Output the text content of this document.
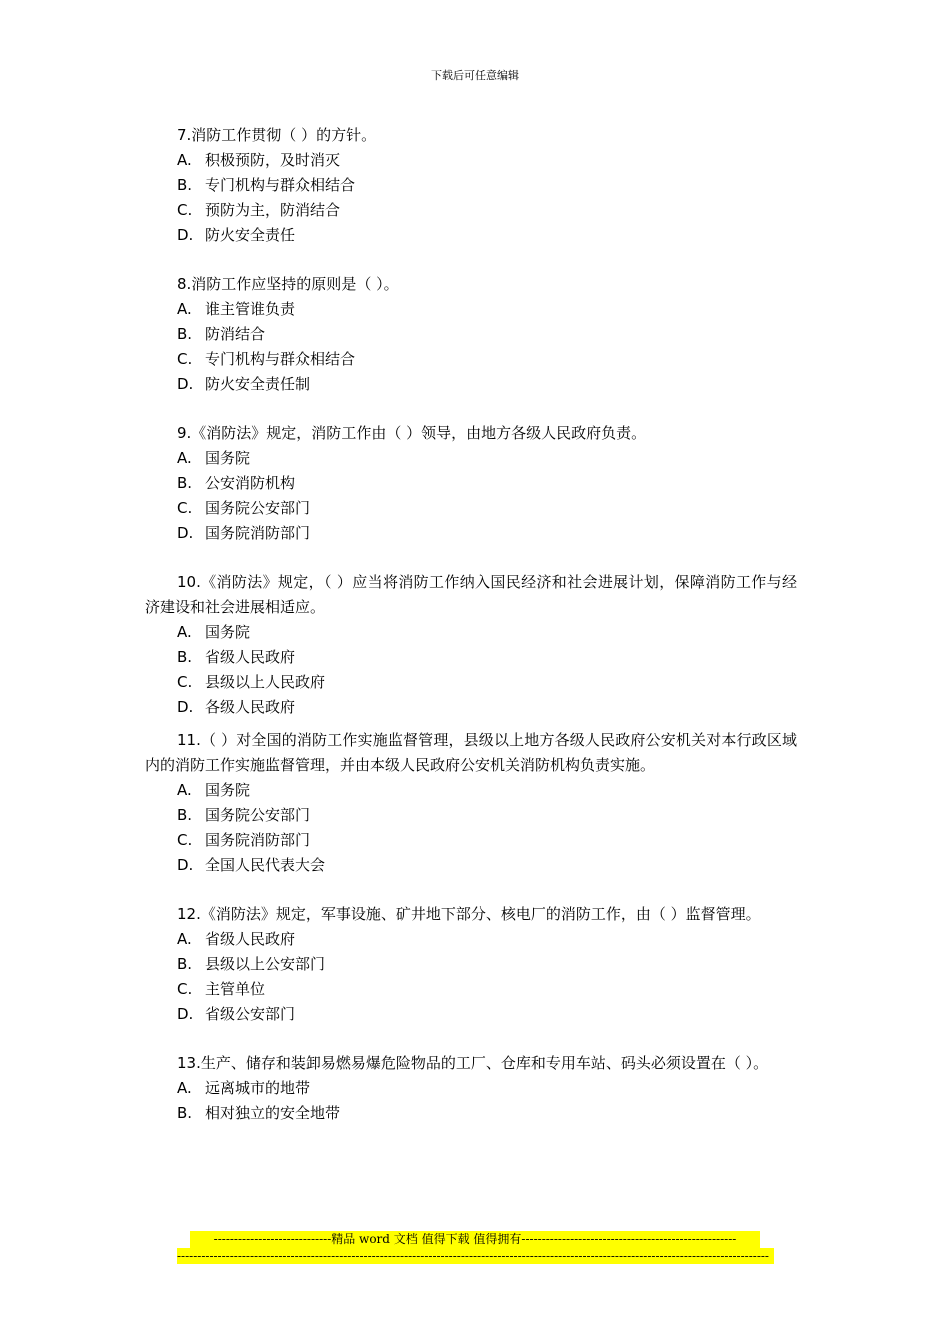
下载后可任意编辑
7.消防工作贯彻（ ）的方针。
A. 积极预防，及时消灭
B. 专门机构与群众相结合
C. 预防为主，防消结合
D. 防火安全责任
8.消防工作应坚持的原则是（ ）。
A. 谁主管谁负责
B. 防消结合
C. 专门机构与群众相结合
D. 防火安全责任制
9.《消防法》规定，消防工作由（ ）领导，由地方各级人民政府负责。
A. 国务院
B. 公安消防机构
C. 国务院公安部门
D. 国务院消防部门
10.《消防法》规定，（ ）应当将消防工作纳入国民经济和社会进展计划，保障消防工作与经济建设和社会进展相适应。
A. 国务院
B. 省级人民政府
C. 县级以上人民政府
D. 各级人民政府
11.（ ）对全国的消防工作实施监督管理，县级以上地方各级人民政府公安机关对本行政区域内的消防工作实施监督管理，并由本级人民政府公安机关消防机构负责实施。
A. 国务院
B. 国务院公安部门
C. 国务院消防部门
D. 全国人民代表大会
12.《消防法》规定，军事设施、矿井地下部分、核电厂的消防工作，由（ ）监督管理。
A. 省级人民政府
B. 县级以上公安部门
C. 主管单位
D. 省级公安部门
13.生产、储存和装卸易燃易爆危险物品的工厂、仓库和专用车站、码头必须设置在（ ）。
A. 远离城市的地带
B. 相对独立的安全地带
-----------------------------精品 word 文档 值得下载 值得拥有-----------------------------------------------------
--------------------------------------------------------------------------------------------------------------------------------------------------
